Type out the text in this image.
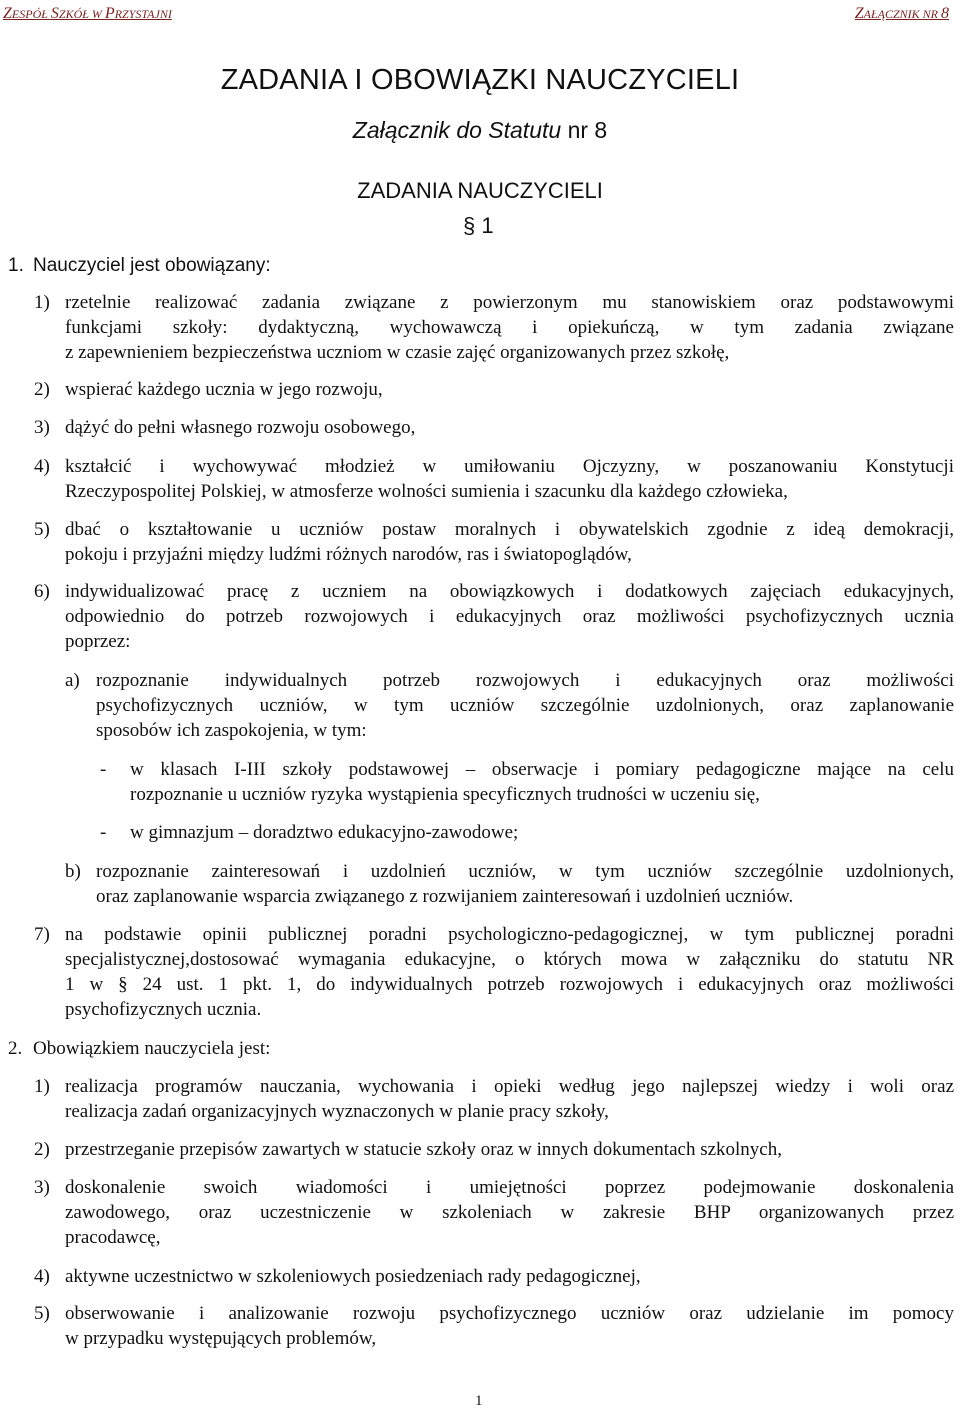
ZESPÓŁ SZKÓŁ W PRZYSTAJNI	ZAŁĄCZNIK NR 8
ZADANIA I OBOWIĄZKI NAUCZYCIELI
Załącznik do Statutu nr 8
ZADANIA NAUCZYCIELI
§ 1
1. Nauczyciel jest obowiązany:
1) rzetelnie realizować zadania związane z powierzonym mu stanowiskiem oraz podstawowymi
funkcjami szkoły: dydaktyczną, wychowawczą i opiekuńczą, w tym zadania związane
z zapewnieniem bezpieczeństwa uczniom w czasie zajęć organizowanych przez szkołę,
2) wspierać każdego ucznia w jego rozwoju,
3) dążyć do pełni własnego rozwoju osobowego,
4) kształcić i wychowywać młodzież w umiłowaniu Ojczyzny, w poszanowaniu Konstytucji
Rzeczypospolitej Polskiej, w atmosferze wolności sumienia i szacunku dla każdego człowieka,
5) dbać o kształtowanie u uczniów postaw moralnych i obywatelskich zgodnie z ideą demokracji,
pokoju i przyjaźni między ludźmi różnych narodów, ras i światopoglądów,
6) indywidualizować pracę z uczniem na obowiązkowych i dodatkowych zajęciach edukacyjnych,
odpowiednio do potrzeb rozwojowych i edukacyjnych oraz możliwości psychofizycznych ucznia
poprzez:
a) rozpoznanie indywidualnych potrzeb rozwojowych i edukacyjnych oraz możliwości
psychofizycznych uczniów, w tym uczniów szczególnie uzdolnionych, oraz zaplanowanie
sposobów ich zaspokojenia, w tym:
- w klasach I-III szkoły podstawowej – obserwacje i pomiary pedagogiczne mające na celu
rozpoznanie u uczniów ryzyka wystąpienia specyficznych trudności w uczeniu się,
- w gimnazjum – doradztwo edukacyjno-zawodowe;
b) rozpoznanie zainteresowań i uzdolnień uczniów, w tym uczniów szczególnie uzdolnionych,
oraz zaplanowanie wsparcia związanego z rozwijaniem zainteresowań i uzdolnień uczniów.
7) na podstawie opinii publicznej poradni psychologiczno-pedagogicznej, w tym publicznej poradni
specjalistycznej,dostosować wymagania edukacyjne, o których mowa w załączniku do statutu NR
1 w § 24 ust. 1 pkt. 1, do indywidualnych potrzeb rozwojowych i edukacyjnych oraz możliwości
psychofizycznych ucznia.
2. Obowiązkiem nauczyciela jest:
1) realizacja programów nauczania, wychowania i opieki według jego najlepszej wiedzy i woli oraz
realizacja zadań organizacyjnych wyznaczonych w planie pracy szkoły,
2) przestrzeganie przepisów zawartych w statucie szkoły oraz w innych dokumentach szkolnych,
3) doskonalenie swoich wiadomości i umiejętności poprzez podejmowanie doskonalenia
zawodowego, oraz uczestniczenie w szkoleniach w zakresie BHP organizowanych przez
pracodawcę,
4) aktywne uczestnictwo w szkoleniowych posiedzeniach rady pedagogicznej,
5) obserwowanie i analizowanie rozwoju psychofizycznego uczniów oraz udzielanie im pomocy
w przypadku występujących problemów,
1
